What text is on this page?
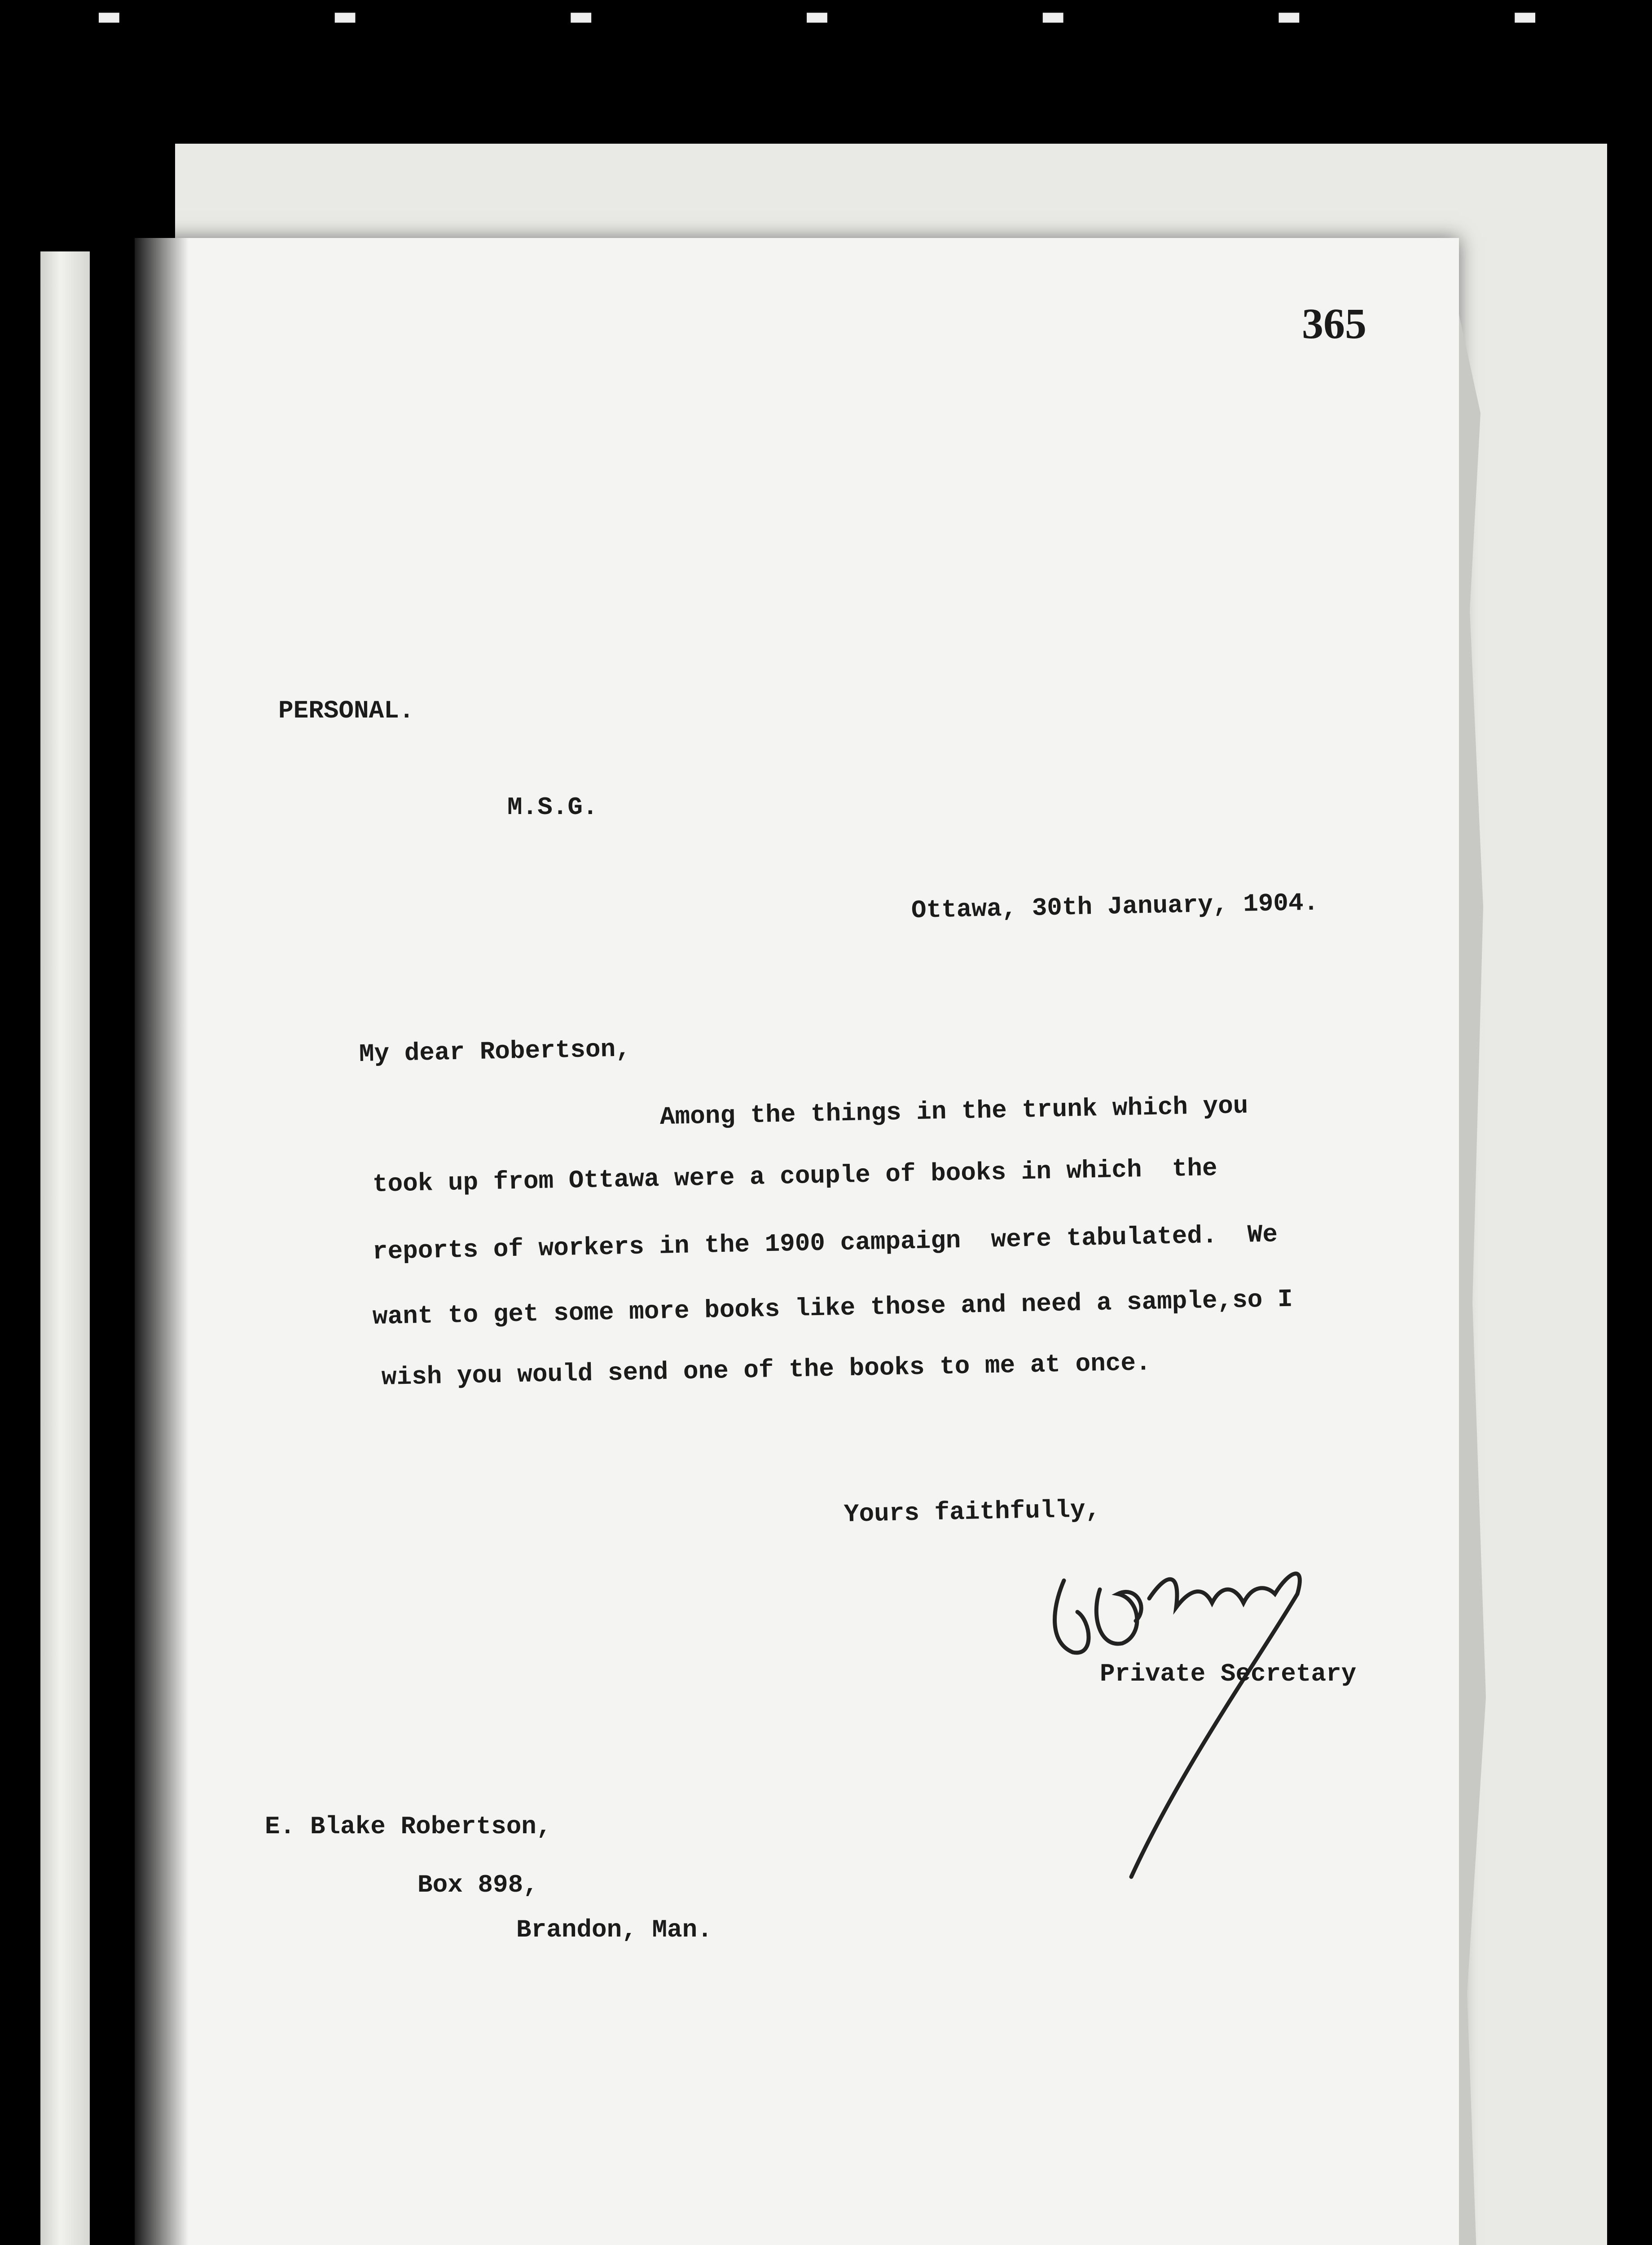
▬	▬	▬	▬	▬	▬	▬
365
PERSONAL.
M.S.G.
Ottawa, 30th January, 1904.
My dear Robertson,
Among the things in the trunk which you
took up from Ottawa were a couple of books in which  the
reports of workers in the 1900 campaign  were tabulated.  We
want to get some more books like those and need a sample,so I
wish you would send one of the books to me at once.
Yours faithfully,
Private Secretary
E. Blake Robertson,
Box 898,
Brandon, Man.
